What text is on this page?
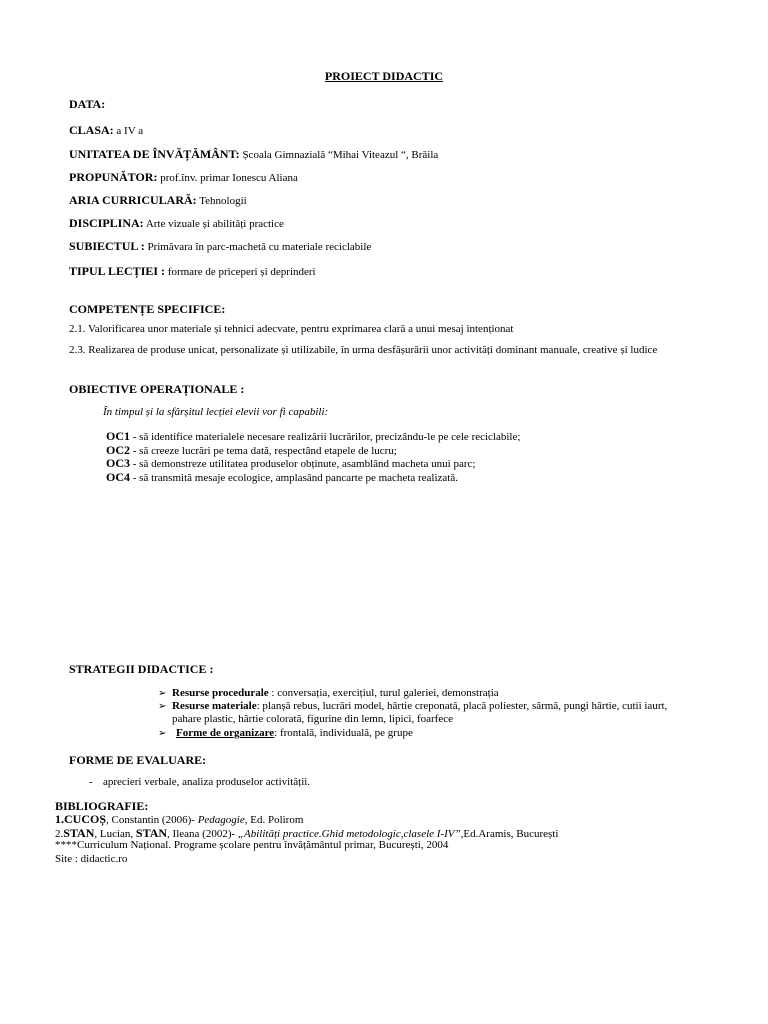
PROIECT DIDACTIC
DATA:
CLASA: a IV a
UNITATEA DE ÎNVĂȚĂMÂNT: Școala Gimnazială “Mihai Viteazul “, Brăila
PROPUNĂTOR: prof.înv. primar Ionescu Aliana
ARIA CURRICULARĂ: Tehnologii
DISCIPLINA: Arte vizuale și abilități practice
SUBIECTUL : Primăvara în parc-machetă cu materiale reciclabile
TIPUL LECȚIEI : formare de priceperi și deprinderi
COMPETENȚE SPECIFICE:
2.1. Valorificarea unor materiale și tehnici adecvate, pentru exprimarea clară a unui mesaj intenționat
2.3. Realizarea de produse unicat, personalizate și utilizabile, în urma desfășurării unor activități dominant manuale, creative și ludice
OBIECTIVE OPERAȚIONALE :
În timpul și la sfârșitul lecției elevii vor fi capabili:
OC1 - să identifice materialele necesare realizării lucrărilor, precizându-le pe cele reciclabile;
OC2 - să creeze lucrări pe tema dată, respectând etapele de lucru;
OC3 - să demonstreze utilitatea produselor obținute, asamblând macheta unui parc;
OC4 - să transmită mesaje ecologice, amplasând pancarte pe macheta realizată.
STRATEGII DIDACTICE :
➢ Resurse procedurale : conversația, exercițiul, turul galeriei, demonstrația
➢ Resurse materiale: planșă rebus, lucrări model, hârtie creponată, placă poliester, sârmă, pungi hârtie, cutii iaurt,
pahare plastic, hârtie colorată, figurine din lemn, lipici, foarfece
➢ Forme de organizare: frontală, individuală, pe grupe
FORME DE EVALUARE:
- aprecieri verbale, analiza produselor activității.
BIBLIOGRAFIE:
1.CUCOȘ, Constantin (2006)- Pedagogie, Ed. Polirom
2.STAN, Lucian, STAN, Ileana (2002)- „Abilități practice.Ghid metodologic,clasele I-IV”,Ed.Aramis, București
****Curriculum Național. Programe școlare pentru învățământul primar, București, 2004
Site : didactic.ro
